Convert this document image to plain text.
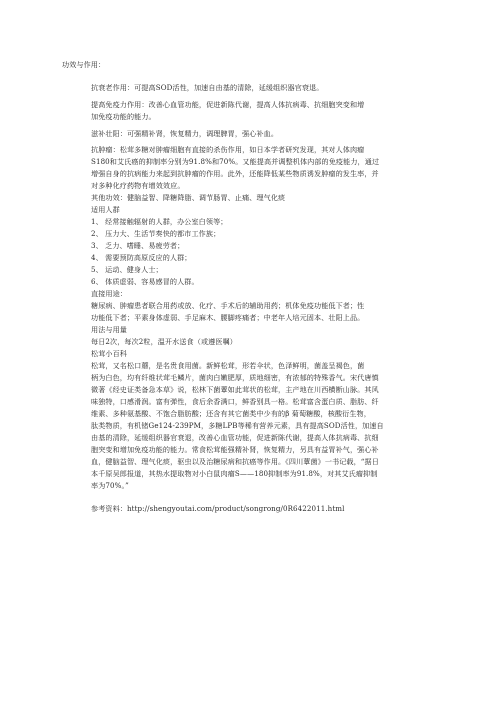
功效与作用：
抗衰老作用：可提高SOD活性，加速自由基的清除，延缓组织器官衰退。
提高免疫力作用：改善心血管功能，促进新陈代谢，提高人体抗病毒、抗细胞突变和增
加免疫功能的能力。
滋补壮阳：可强精补肾，恢复精力，调理脾胃，强心补血。
抗肿瘤：松茸多糖对肿瘤细胞有直接的杀伤作用，如日本学者研究发现，其对人体肉瘤
S180和艾氏癌的抑制率分别为91.8%和70%。又能提高并调整机体内部的免疫能力，通过
增强自身的抗病能力来起到抗肿瘤的作用。此外，还能降低某些物质诱发肿瘤的发生率，并
对多种化疗药物有增效效应。
其他功效：健脑益智、降糖降脂、调节肠胃、止痛、理气化痰
适用人群
1、 经常接触辐射的人群，办公室白领等；
2、 压力大、生活节奏快的都市工作族；
3、 乏力、嗜睡、易疲劳者；
4、 需要预防高原反应的人群；
5、 运动、健身人士；
6、 体质虚弱、容易感冒的人群。
直接用途：
糖尿病、肿瘤患者联合用药或放、化疗、手术后的辅助用药；机体免疫功能低下者；性
功能低下者；平素身体虚弱、手足麻木、腰脚疼痛者；中老年人培元固本、壮阳上品。
用法与用量
每日2次，每次2粒，温开水送食（或遵医嘱）
松茸小百科
松茸，又名松口蘑，是名贵食用菌。新鲜松茸，形若伞状，色泽鲜明，菌盖呈褐色，菌
柄为白色，均有纤维状茸毛鳞片，菌肉白嫩肥厚，质地细密，有浓郁的特殊香气。宋代唐慎
微著《经史证类备急本草》说，松林下菌蕈如此茸状的松茸，主产地在川西横断山脉。其风
味独特，口感滑润。富有弹性，食后余香满口，鲜香别具一格。松茸富含蛋白质、脂肪、纤
维素、多种氨基酸、不饱合脂肪酸；还含有其它菌类中少有的β 菊萄糖酸，核酸衍生物，
肽类物质，有机锗Ge124-239PM，多糖LPB等稀有营养元素，具有提高SOD活性，加速自
由基的清除，延缓组织器官衰退，改善心血管功能，促进新陈代谢，提高人体抗病毒、抗细
胞突变和增加免疫功能的能力。常食松茸能强精补肾，恢复精力，另具有益胃补气，强心补
血，健脑益智、理气化痰，驱虫以及治糖尿病和抗癌等作用。《四川蕈菌》一书记载，“据日
本千原吴郎报道，其热水提取物对小白鼠肉瘤S——180抑制率为91.8%，对其艾氏瘤抑制
率为70%。”
参考资料：http://shengyoutai.com/product/songrong/0R6422011.html
